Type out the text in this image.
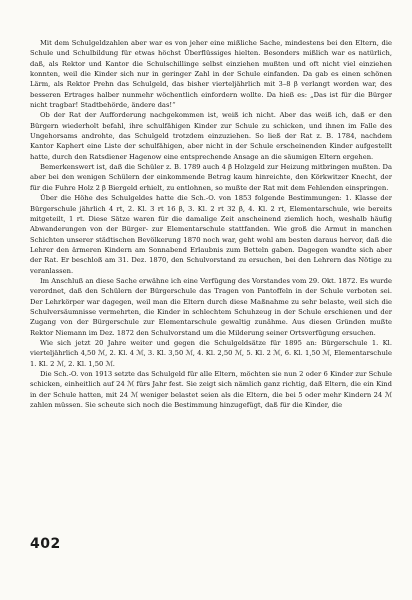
Mit dem Schulgeldzahlen aber war es von jeher eine mißliche Sache, mindestens bei den Eltern, die Schule und Schulbildung für etwas höchst Überflüssiges hielten. Besonders mißlich war es natürlich, daß, als Rektor und Kantor die Schulschillinge selbst einziehen mußten und oft nicht viel einziehen konnten, weil die Kinder sich nur in geringer Zahl in der Schule einfanden. Da gab es einen schönen Lärm, als Rektor Prehn das Schulgeld, das bisher vierteljährlich mit 3–8 β verlangt worden war, des besseren Ertrages halber nunmehr wöchentlich einfordern wollte. Da hieß es: „Das ist für die Bürger nicht tragbar! Stadtbehörde, ändere das!“

Ob der Rat der Aufforderung nachgekommen ist, weiß ich nicht. Aber das weiß ich, daß er den Bürgern wiederholt befahl, ihre schulfähigen Kinder zur Schule zu schicken, und ihnen im Falle des Ungehorsams androhte, das Schulgeld trotzdem einzuziehen. So ließ der Rat z. B. 1784, nachdem Kantor Kaphert eine Liste der schulfähigen, aber nicht in der Schule erscheinenden Kinder aufgestellt hatte, durch den Ratsdiener Hagenow eine entsprechende Ansage an die säumigen Eltern ergehen.

Bemerkenswert ist, daß die Schüler z. B. 1789 auch 4 β Holzgeld zur Heizung mitbringen mußten. Da aber bei den wenigen Schülern der einkommende Betrag kaum hinreichte, den Körkwitzer Knecht, der für die Fuhre Holz 2 β Biergeld erhielt, zu entlohnen, so mußte der Rat mit dem Fehlenden einspringen.

Über die Höhe des Schulgeldes hatte die Sch.-O. von 1853 folgende Bestimmungen: 1. Klasse der Bürgerschule jährlich 4 rt, 2. Kl. 3 rt 16 β, 3. Kl. 2 rt 32 β, 4. Kl. 2 rt, Elementarschule, wie bereits mitgeteilt, 1 rt. Diese Sätze waren für die damalige Zeit anscheinend ziemlich hoch, weshalb häufig Abwanderungen von der Bürger- zur Elementarschule stattfanden. Wie groß die Armut in manchen Schichten unserer städtischen Bevölkerung 1870 noch war, geht wohl am besten daraus hervor, daß die Lehrer den ärmeren Kindern am Sonnabend Erlaubnis zum Betteln gaben. Dagegen wandte sich aber der Rat. Er beschloß am 31. Dez. 1870, den Schulvorstand zu ersuchen, bei den Lehrern das Nötige zu veranlassen.

Im Anschluß an diese Sache erwähne ich eine Verfügung des Vorstandes vom 29. Okt. 1872. Es wurde verordnet, daß den Schülern der Bürgerschule das Tragen von Pantoffeln in der Schule verboten sei. Der Lehrkörper war dagegen, weil man die Eltern durch diese Maßnahme zu sehr belaste, weil sich die Schulversäumnisse vermehrten, die Kinder in schlechtem Schuhzeug in der Schule erschienen und der Zugang von der Bürgerschule zur Elementarschule gewaltig zunähme. Aus diesen Gründen mußte Rektor Niemann im Dez. 1872 den Schulvorstand um die Milderung seiner Ortsverfügung ersuchen.

Wie sich jetzt 20 Jahre weiter und gegen die Schulgeldsätze für 1895 an: Bürgerschule 1. Kl. vierteljährlich 4,50 ℳ, 2. Kl. 4 ℳ, 3. Kl. 3,50 ℳ, 4. Kl. 2,50 ℳ, 5. Kl. 2 ℳ, 6. Kl. 1,50 ℳ, Elementarschule 1. Kl. 2 ℳ, 2. Kl. 1,50 ℳ.

Die Sch.-O. von 1913 setzte das Schulgeld für alle Eltern, möchten sie nun 2 oder 6 Kinder zur Schule schicken, einheitlich auf 24 ℳ fürs Jahr fest. Sie zeigt sich nämlich ganz richtig, daß Eltern, die ein Kind in der Schule hatten, mit 24 ℳ weniger belastet seien als die Eltern, die bei 5 oder mehr Kindern 24 ℳ zahlen müssen. Sie scheute sich noch die Bestimmung hinzugefügt, daß für die Kinder, die

402
